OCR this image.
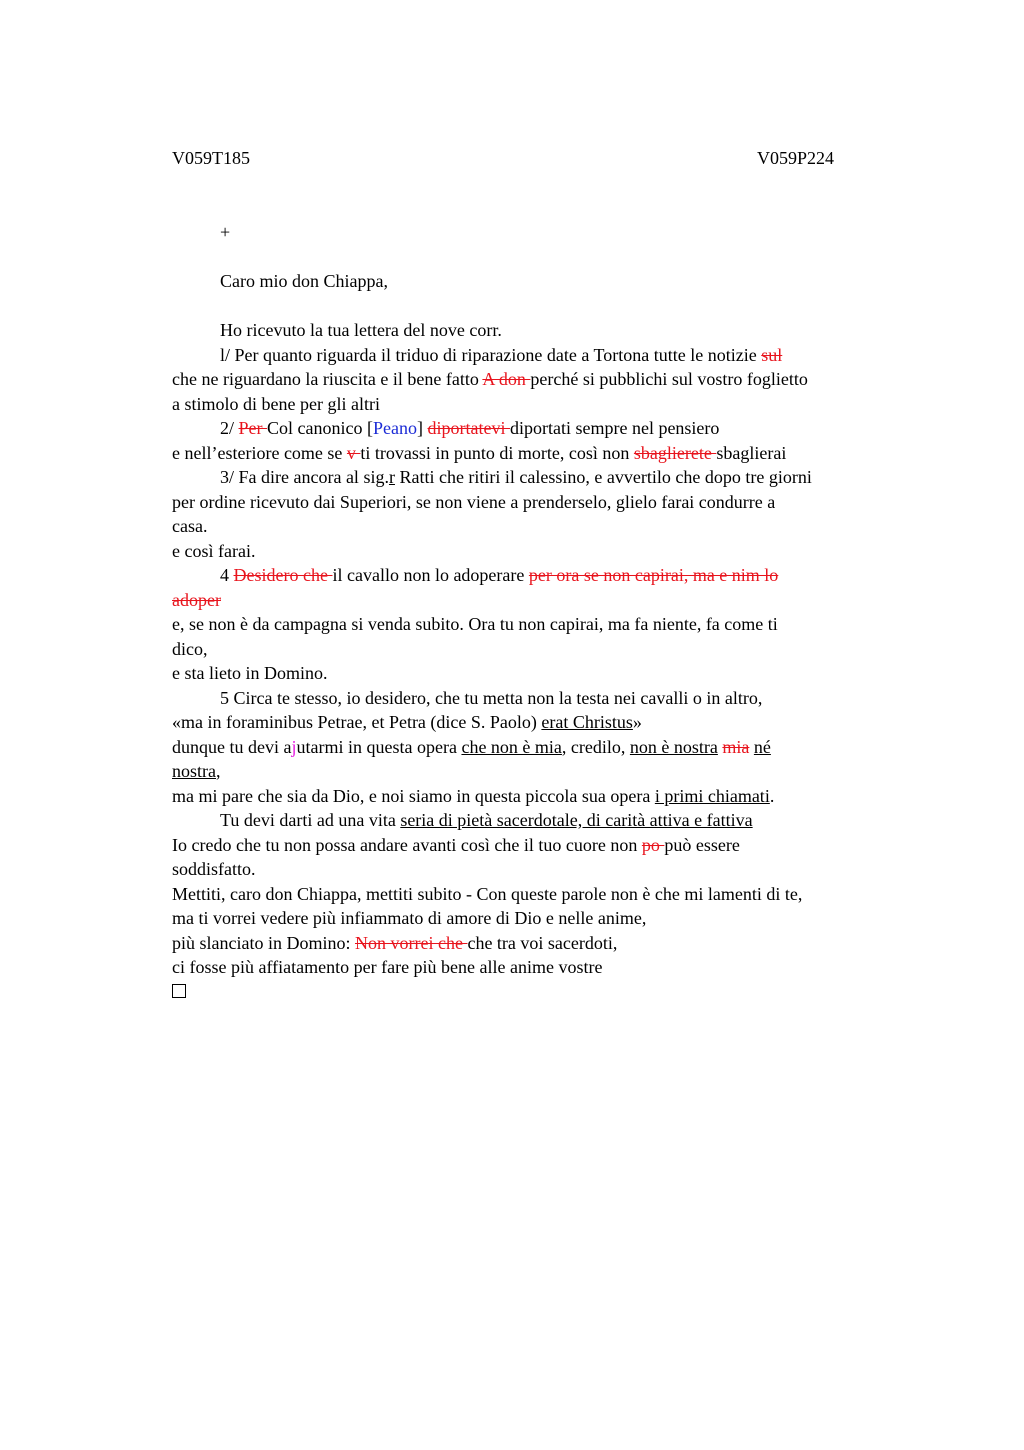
V059T185	V059P224
+
Caro mio don Chiappa,
Ho ricevuto la tua lettera del nove corr.
l/ Per quanto riguarda il triduo di riparazione date a Tortona tutte le notizie sul
che ne riguardano la riuscita e il bene fatto A don perché si pubblichi sul vostro foglietto
a stimolo di bene per gli altri
2/ Per Col canonico [Peano] diportatevi diportati sempre nel pensiero
e nell’esteriore come se v ti trovassi in punto di morte, così non sbaglierete sbaglierai
3/ Fa dire ancora al sig.r Ratti che ritiri il calessino, e avvertilo che dopo tre giorni
per ordine ricevuto dai Superiori, se non viene a prenderselo, glielo farai condurre a
casa.
e così farai.
4 Desidero che il cavallo non lo adoperare per ora se non capirai, ma e nim lo
adoper
e, se non è da campagna si venda subito. Ora tu non capirai, ma fa niente, fa come ti
dico,
e sta lieto in Domino.
5 Circa te stesso, io desidero, che tu metta non la testa nei cavalli o in altro,
«ma in foraminibus Petrae, et Petra (dice S. Paolo) erat Christus»
dunque tu devi ajutarmi in questa opera che non è mia, credilo, non è nostra mia né
nostra,
ma mi pare che sia da Dio, e noi siamo in questa piccola sua opera i primi chiamati.
Tu devi darti ad una vita seria di pietà sacerdotale, di carità attiva e fattiva
Io credo che tu non possa andare avanti così che il tuo cuore non po può essere
soddisfatto.
Mettiti, caro don Chiappa, mettiti subito - Con queste parole non è che mi lamenti di te,
ma ti vorrei vedere più infiammato di amore di Dio e nelle anime,
più slanciato in Domino: Non vorrei che che tra voi sacerdoti,
ci fosse più affiatamento per fare più bene alle anime vostre
